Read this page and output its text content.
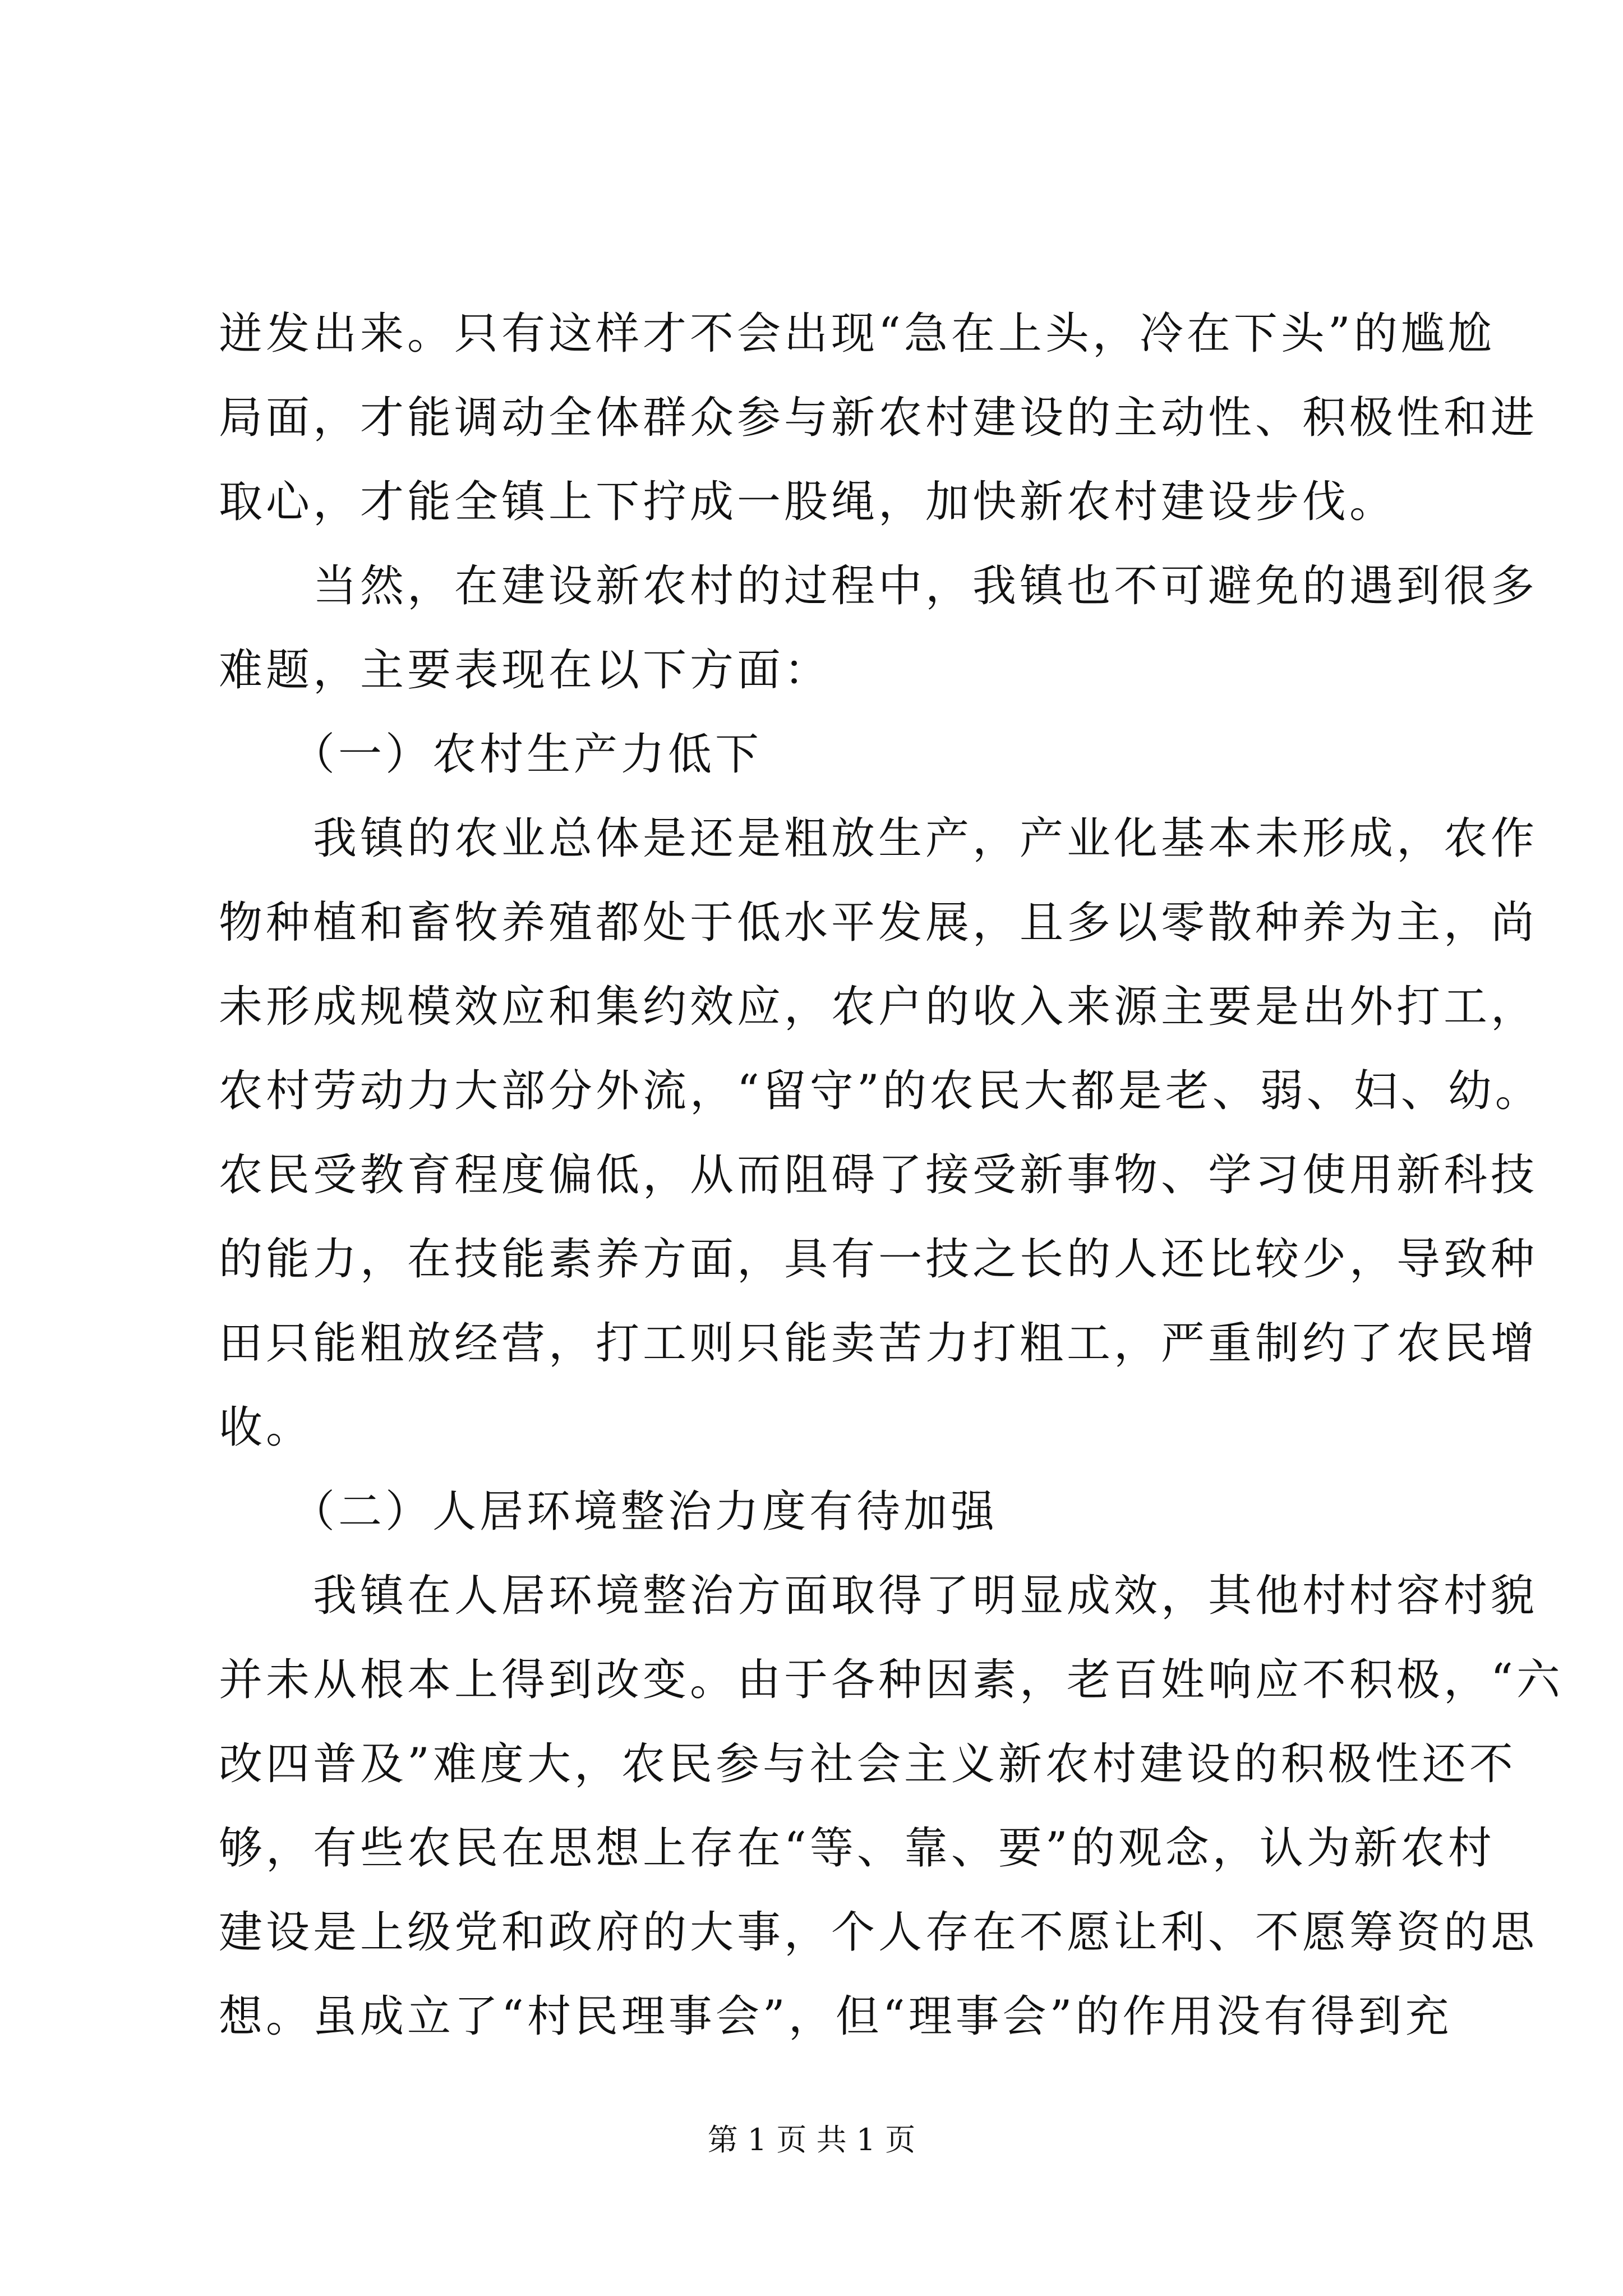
迸发出来。只有这样才不会出现“急在上头，冷在下头”的尴尬
局面，才能调动全体群众参与新农村建设的主动性、积极性和进
取心，才能全镇上下拧成一股绳，加快新农村建设步伐。
　　当然，在建设新农村的过程中，我镇也不可避免的遇到很多
难题，主要表现在以下方面：
　　（一）农村生产力低下
　　我镇的农业总体是还是粗放生产，产业化基本未形成，农作
物种植和畜牧养殖都处于低水平发展，且多以零散种养为主，尚
未形成规模效应和集约效应，农户的收入来源主要是出外打工，
农村劳动力大部分外流，“留守”的农民大都是老、弱、妇、幼。
农民受教育程度偏低，从而阻碍了接受新事物、学习使用新科技
的能力，在技能素养方面，具有一技之长的人还比较少，导致种
田只能粗放经营，打工则只能卖苦力打粗工，严重制约了农民增
收。
　　（二）人居环境整治力度有待加强
　　我镇在人居环境整治方面取得了明显成效，其他村村容村貌
并未从根本上得到改变。由于各种因素，老百姓响应不积极，“六
改四普及”难度大，农民参与社会主义新农村建设的积极性还不
够，有些农民在思想上存在“等、靠、要”的观念，认为新农村
建设是上级党和政府的大事，个人存在不愿让利、不愿筹资的思
想。虽成立了“村民理事会”，但“理事会”的作用没有得到充
第 1 页 共 1 页
